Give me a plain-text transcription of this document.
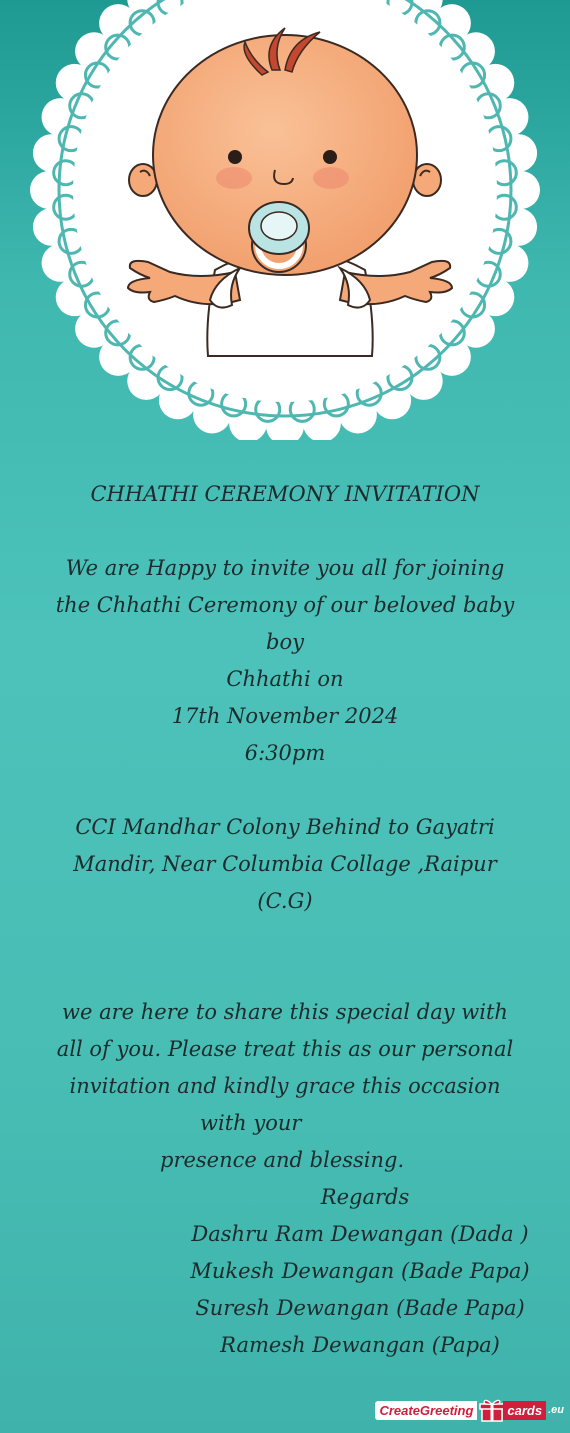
CHHATHI CEREMONY INVITATION
We are Happy to invite you all for joining
the Chhathi Ceremony of our beloved baby
boy
Chhathi on
17th November 2024
6:30pm
CCI Mandhar Colony Behind to Gayatri
Mandir, Near Columbia Collage ,Raipur
(C.G)
we are here to share this special day with
all of you. Please treat this as our personal
invitation and kindly grace this occasion
with your
presence and blessing.
Regards
Dashru Ram Dewangan (Dada )
Mukesh Dewangan (Bade Papa)
Suresh Dewangan (Bade Papa)
Ramesh Dewangan (Papa)
CreateGreeting	cards .eu
